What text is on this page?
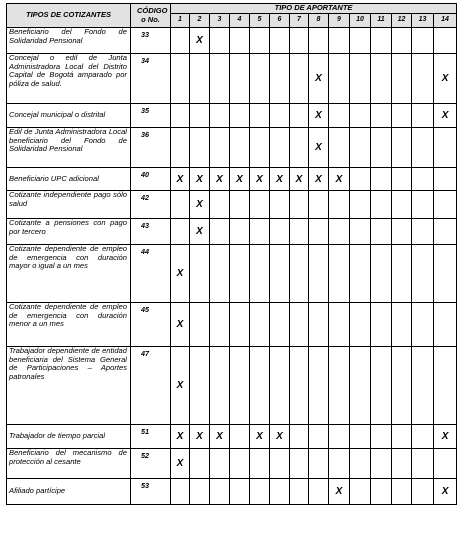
TIPOS DE COTIZANTES	CÓDIGO o No.	TIPO DE APORTANTE													
		1	2	3	4	5	6	7	8	9	10	11	12	13	14
Beneficiario del Fondo de Solidaridad Pensional	33		X												
Concejal o edil de Junta Administradora Local del Distrito Capital de Bogotá amparado por póliza de salud.	34								X						X
Concejal municipal o distrital	35								X						X
Edil de Junta Administradora Local beneficiario del Fondo de Solidaridad Pensional	36								X						
Beneficiario UPC adicional	40	X	X	X	X	X	X	X	X	X					
Cotizante independiente pago sólo salud	42		X												
Cotizante a pensiones con pago por tercero	43		X												
Cotizante dependiente de empleo de emergencia con duración mayor o igual a un mes	44	X													
Cotizante dependiente de empleo de emergencia con duración menor a un mes	45	X													
Trabajador dependiente de entidad beneficiaria del Sistema General de Participaciones – Aportes patronales	47	X													
Trabajador de tiempo parcial	51	X	X	X		X	X								X
Beneficiario del mecanismo de protección al cesante	52	X													
Afiliado partícipe	53									X					X
